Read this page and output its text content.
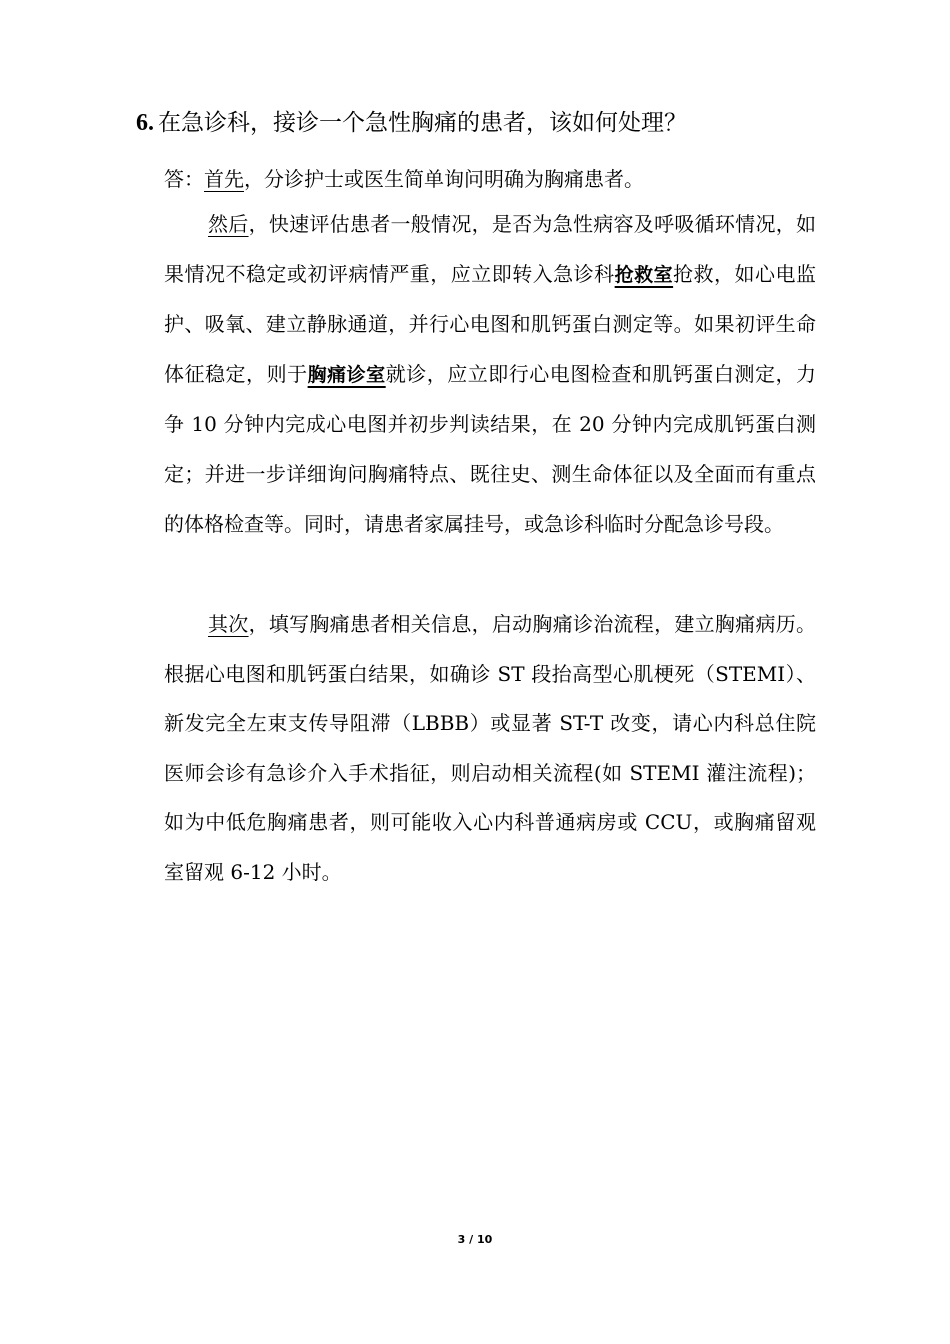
6. 在急诊科，接诊一个急性胸痛的患者，该如何处理？

答：首先，分诊护士或医生简单询问明确为胸痛患者。

然后，快速评估患者一般情况，是否为急性病容及呼吸循环情况，如果情况不稳定或初评病情严重，应立即转入急诊科抢救室抢救，如心电监护、吸氧、建立静脉通道，并行心电图和肌钙蛋白测定等。如果初评生命体征稳定，则于胸痛诊室就诊，应立即行心电图检查和肌钙蛋白测定，力争 10 分钟内完成心电图并初步判读结果，在 20 分钟内完成肌钙蛋白测定；并进一步详细询问胸痛特点、既往史、测生命体征以及全面而有重点的体格检查等。同时，请患者家属挂号，或急诊科临时分配急诊号段。

其次，填写胸痛患者相关信息，启动胸痛诊治流程，建立胸痛病历。根据心电图和肌钙蛋白结果，如确诊 ST 段抬高型心肌梗死（STEMI）、新发完全左束支传导阻滞（LBBB）或显著 ST-T 改变，请心内科总住院医师会诊有急诊介入手术指征，则启动相关流程(如 STEMI 灌注流程)；如为中低危胸痛患者，则可能收入心内科普通病房或 CCU，或胸痛留观室留观 6-12 小时。

3 / 10
